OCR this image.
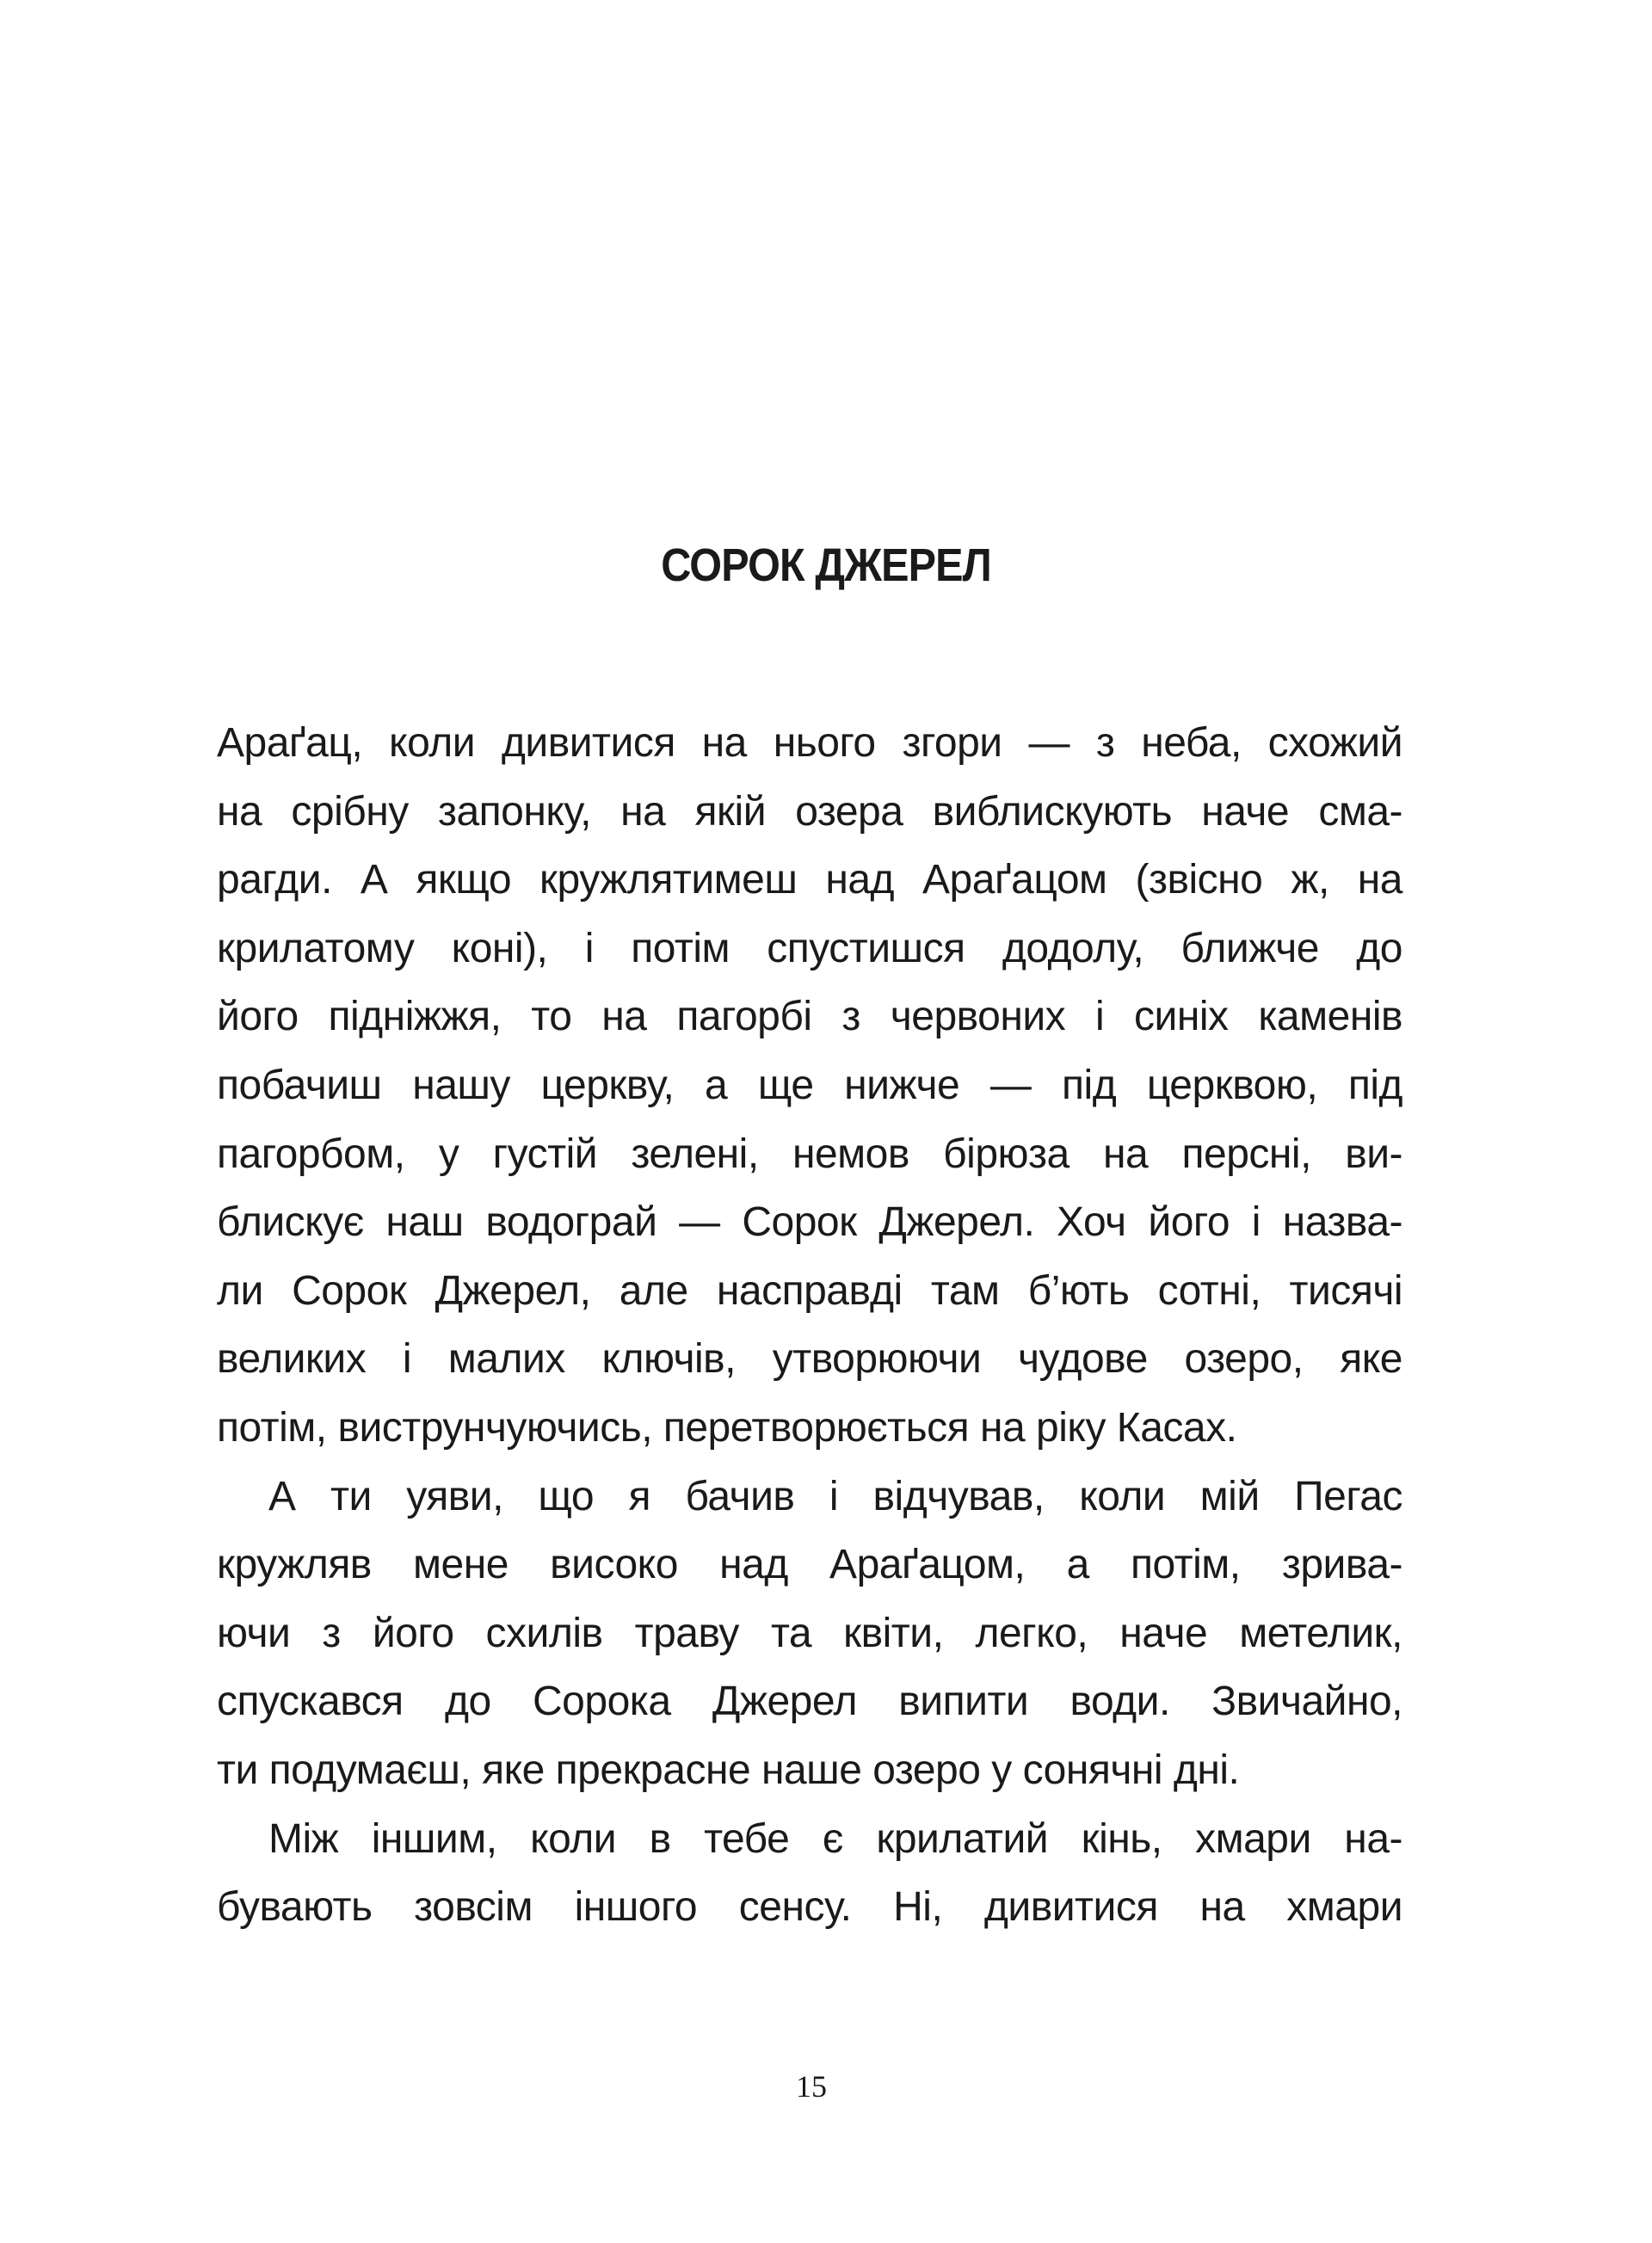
СОРОК ДЖЕРЕЛ
Араґац, коли дивитися на нього згори — з неба, схожий
на срібну запонку, на якій озера виблискують наче сма-
рагди. А якщо кружлятимеш над Араґацом (звісно ж, на
крилатому коні), і потім спустишся додолу, ближче до
його підніжжя, то на пагорбі з червоних і синіх каменів
побачиш нашу церкву, а ще нижче — під церквою, під
пагорбом, у густій зелені, немов бірюза на персні, ви-
блискує наш водограй — Сорок Джерел. Хоч його і назва-
ли Сорок Джерел, але насправді там б’ють сотні, тисячі
великих і малих ключів, утворюючи чудове озеро, яке
потім, виструнчуючись, перетворюється на ріку Касах.
А ти уяви, що я бачив і відчував, коли мій Пегас
кружляв мене високо над Араґацом, а потім, зрива-
ючи з його схилів траву та квіти, легко, наче метелик,
спускався до Сорока Джерел випити води. Звичайно,
ти подумаєш, яке прекрасне наше озеро у сонячні дні.
Між іншим, коли в тебе є крилатий кінь, хмари на-
бувають зовсім іншого сенсу. Ні, дивитися на хмари
15
